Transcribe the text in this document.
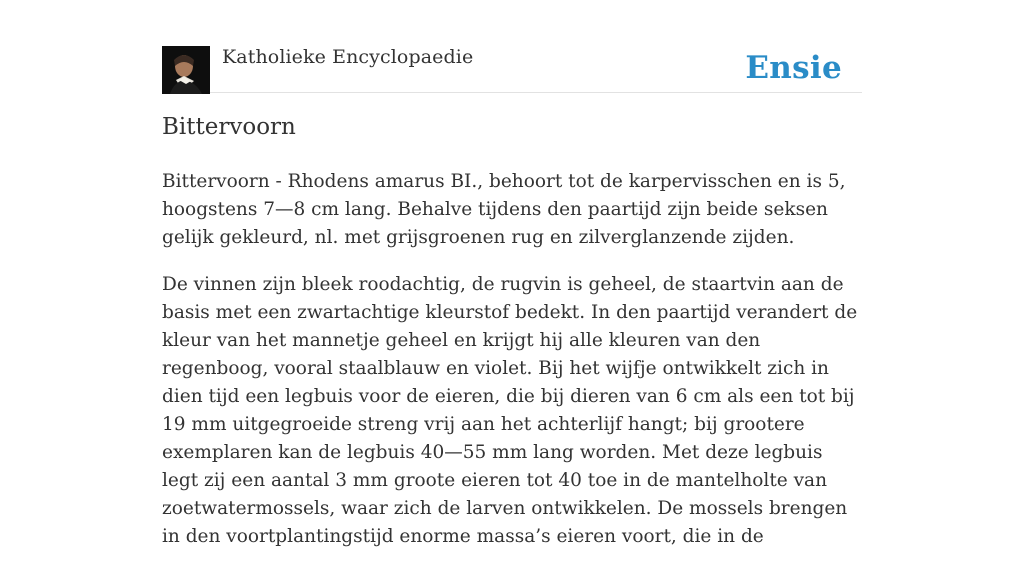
Katholieke Encyclopaedie	Ensie
Bittervoorn

Bittervoorn - Rhodens amarus BI., behoort tot de karpervisschen en is 5, hoogstens 7—8 cm lang. Behalve tijdens den paartijd zijn beide seksen gelijk gekleurd, nl. met grijsgroenen rug en zilverglanzende zijden.

De vinnen zijn bleek roodachtig, de rugvin is geheel, de staartvin aan de basis met een zwartachtige kleurstof bedekt. In den paartijd verandert de kleur van het mannetje geheel en krijgt hij alle kleuren van den regenboog, vooral staalblauw en violet. Bij het wijfje ontwikkelt zich in dien tijd een legbuis voor de eieren, die bij dieren van 6 cm als een tot bij 19 mm uitgegroeide streng vrij aan het achterlijf hangt; bij grootere exemplaren kan de legbuis 40—55 mm lang worden. Met deze legbuis legt zij een aantal 3 mm groote eieren tot 40 toe in de mantelholte van zoetwatermossels, waar zich de larven ontwikkelen. De mossels brengen in den voortplantingstijd enorme massa’s eieren voort, die in de
